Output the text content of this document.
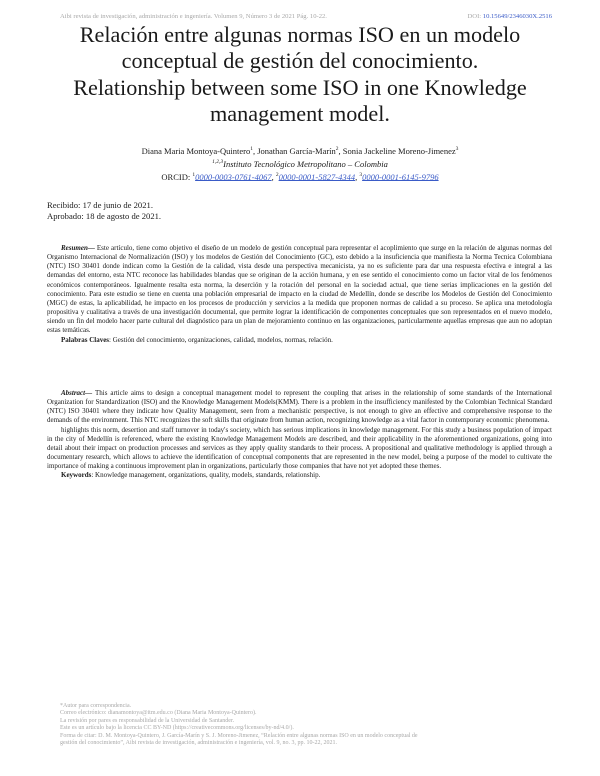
Aibi revista de investigación, administración e ingeniería. Volumen 9, Número 3 de 2021 Pág. 10-22.	DOI: 10.15649/2346030X.2516
Relación entre algunas normas ISO en un modelo
conceptual de gestión del conocimiento.
Relationship between some ISO in one Knowledge
management model.
Diana Maria Montoya-Quintero$^1$, Jonathan García-Marín$^2$, Sonia Jackeline Moreno-Jimenez$^3$
$^{1,2,3}$Instituto Tecnológico Metropolitano – Colombia
ORCID: $^1$0000-0003-0761-4067, $^2$0000-0001-5827-4344, $^3$0000-0001-6145-9796
Recibido: 17 de junio de 2021.
Aprobado: 18 de agosto de 2021.

Resumen— Este artículo, tiene como objetivo el diseño de un modelo de gestión conceptual para representar el acoplimiento que surge en la relación de algunas normas del Organismo Internacional de Normalización (ISO) y los modelos de Gestión del Conocimiento (GC), esto debido a la insuficiencia que manifiesta la Norma Tecnica Colombiana (NTC) ISO 30401 donde indican como la Gestión de la calidad, vista desde una perspectiva mecanicista, ya no es suficiente para dar una respuesta efectiva e integral a las demandas del entorno, esta NTC reconoce las habilidades blandas que se originan de la acción humana, y en ese sentido el conocimiento como un factor vital de los fenómenos económicos contemporáneos. Igualmente resalta esta norma, la deserción y la rotación del personal en la sociedad actual, que tiene serias implicaciones en la gestión del conocimiento. Para este estudio se tiene en cuenta una población empresarial de impacto en la ciudad de Medellín, donde se describe los Modelos de Gestión del Conocimiento (MGC) de estas, la aplicabilidad, he impacto en los procesos de producción y servicios a la medida que proponen normas de calidad a su proceso. Se aplica una metodología propositiva y cualitativa a través de una investigación documental, que permite lograr la identificación de componentes conceptuales que son representados en el nuevo modelo, siendo un fin del modelo hacer parte cultural del diagnóstico para un plan de mejoramiento continuo en las organizaciones, particularmente aquellas empresas que aun no adoptan estas temáticas.

Palabras Claves: Gestión del conocimiento, organizaciones, calidad, modelos, normas, relación.

Abstract— This article aims to design a conceptual management model to represent the coupling that arises in the relationship of some standards of the International Organization for Standardization (ISO) and the Knowledge Management Models(KMM). There is a problem in the insufficiency manifested by the Colombian Technical Standard (NTC) ISO 30401 where they indicate how Quality Management, seen from a mechanistic perspective, is not enough to give an effective and comprehensive response to the demands of the environment. This NTC recognizes the soft skills that originate from human action, recognizing knowledge as a vital factor in contemporary economic phenomena.

highlights this norm, desertion and staff turnover in today's society, which has serious implications in knowledge management. For this study a business population of impact in the city of Medellín is referenced, where the existing Knowledge Management Models are described, and their applicability in the aforementioned organizations, going into detail about their impact on production processes and services as they apply quality standards to their process. A propositional and qualitative methodology is applied through a documentary research, which allows to achieve the identification of conceptual components that are represented in the new model, being a purpose of the model to cultivate the importance of making a continuous improvement plan in organizations, particularly those companies that have not yet adopted these themes.

Keywords: Knowledge management, organizations, quality, models, standards, relationship.

*Autor para correspondencia.
Correo electrónico: dianamontoya@itm.edu.co (Diana Maria Montoya-Quintero).
La revisión por pares es responsabilidad de la Universidad de Santander.
Este es un artículo bajo la licencia CC BY-ND (https://creativecommons.org/licenses/by-nd/4.0/).
Forma de citar: D. M. Montoya-Quintero, J. García-Marín y S. J. Moreno-Jimenez, “Relación entre algunas normas ISO en un modelo conceptual de
gestión del conocimiento”, Aibi revista de investigación, administración e ingeniería, vol. 9, no. 3, pp. 10-22, 2021.
